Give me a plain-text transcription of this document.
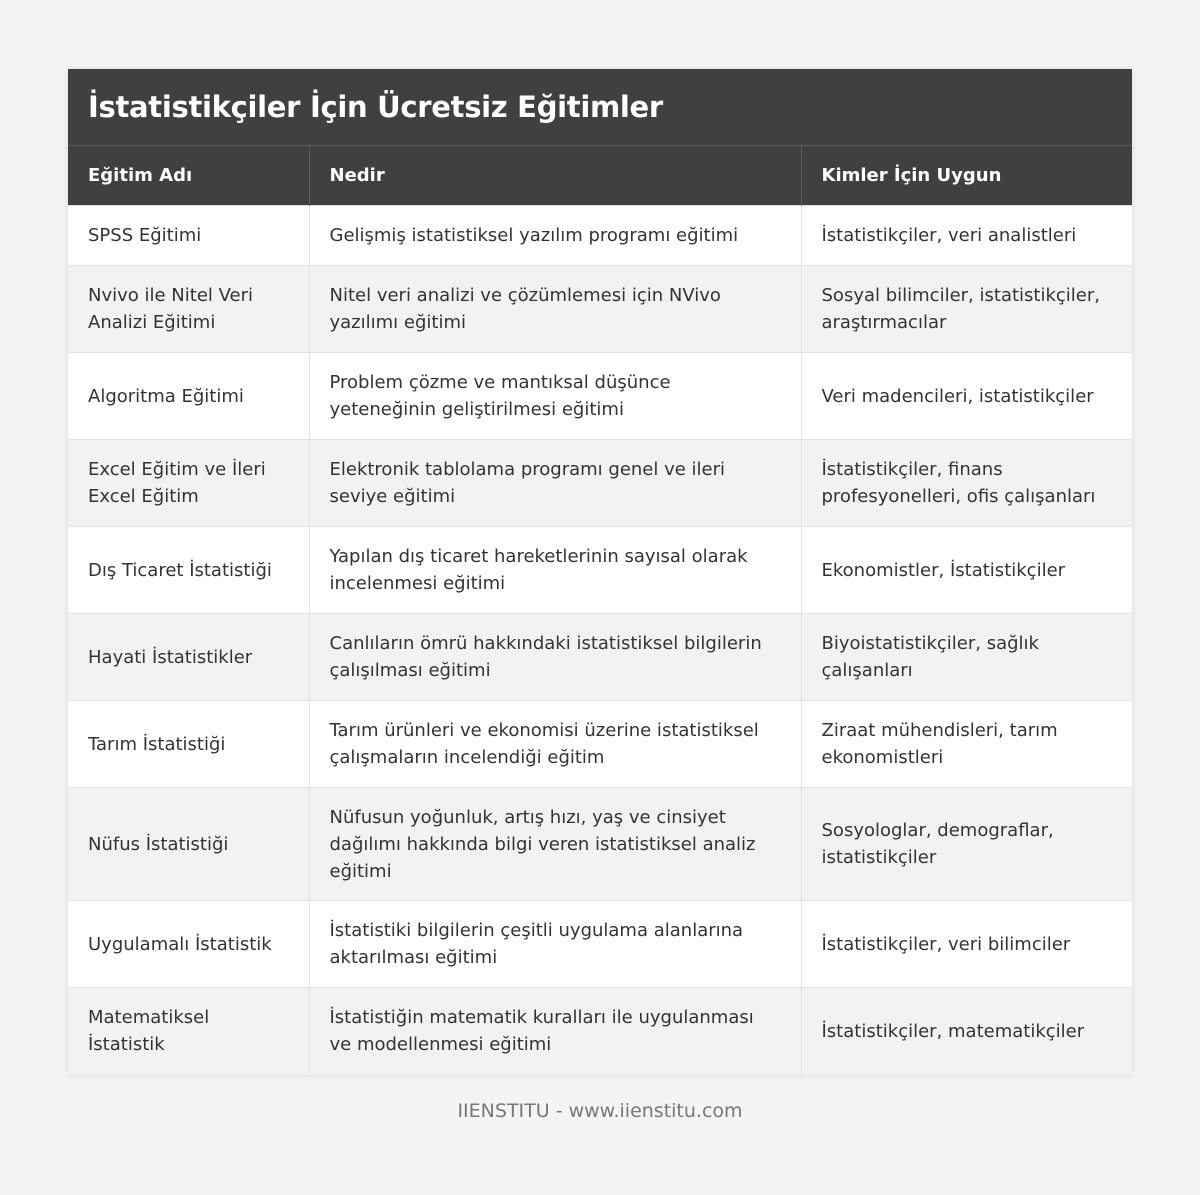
İstatistikçiler İçin Ücretsiz Eğitimler
Eğitim Adı	Nedir	Kimler İçin Uygun
SPSS Eğitimi	Gelişmiş istatistiksel yazılım programı eğitimi	İstatistikçiler, veri analistleri
Nvivo ile Nitel Veri Analizi Eğitimi	Nitel veri analizi ve çözümlemesi için NVivo yazılımı eğitimi	Sosyal bilimciler, istatistikçiler, araştırmacılar
Algoritma Eğitimi	Problem çözme ve mantıksal düşünce yeteneğinin geliştirilmesi eğitimi	Veri madencileri, istatistikçiler
Excel Eğitim ve İleri Excel Eğitim	Elektronik tablolama programı genel ve ileri seviye eğitimi	İstatistikçiler, finans profesyonelleri, ofis çalışanları
Dış Ticaret İstatistiği	Yapılan dış ticaret hareketlerinin sayısal olarak incelenmesi eğitimi	Ekonomistler, İstatistikçiler
Hayati İstatistikler	Canlıların ömrü hakkındaki istatistiksel bilgilerin çalışılması eğitimi	Biyoistatistikçiler, sağlık çalışanları
Tarım İstatistiği	Tarım ürünleri ve ekonomisi üzerine istatistiksel çalışmaların incelendiği eğitim	Ziraat mühendisleri, tarım ekonomistleri
Nüfus İstatistiği	Nüfusun yoğunluk, artış hızı, yaş ve cinsiyet dağılımı hakkında bilgi veren istatistiksel analiz eğitimi	Sosyologlar, demograflar, istatistikçiler
Uygulamalı İstatistik	İstatistiki bilgilerin çeşitli uygulama alanlarına aktarılması eğitimi	İstatistikçiler, veri bilimciler
Matematiksel İstatistik	İstatistiğin matematik kuralları ile uygulanması ve modellenmesi eğitimi	İstatistikçiler, matematikçiler
IIENSTITU - www.iienstitu.com
